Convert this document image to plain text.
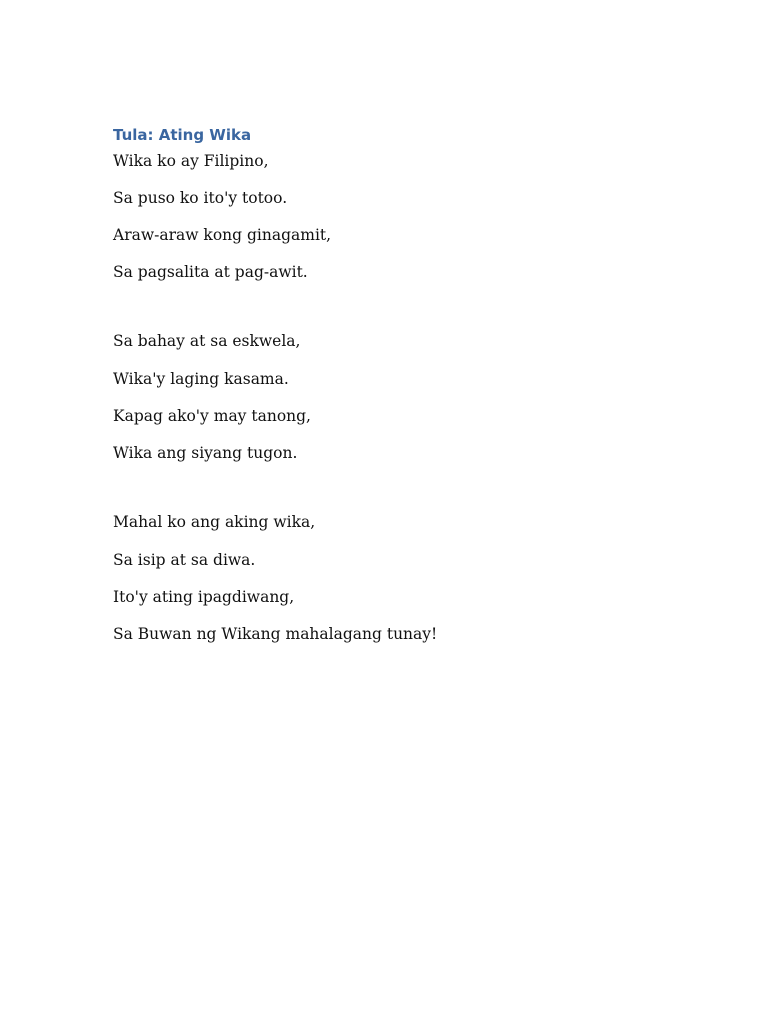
Tula: Ating Wika

Wika ko ay Filipino,

Sa puso ko ito'y totoo.

Araw-araw kong ginagamit,

Sa pagsalita at pag-awit.

Sa bahay at sa eskwela,

Wika'y laging kasama.

Kapag ako'y may tanong,

Wika ang siyang tugon.

Mahal ko ang aking wika,

Sa isip at sa diwa.

Ito'y ating ipagdiwang,

Sa Buwan ng Wikang mahalagang tunay!
